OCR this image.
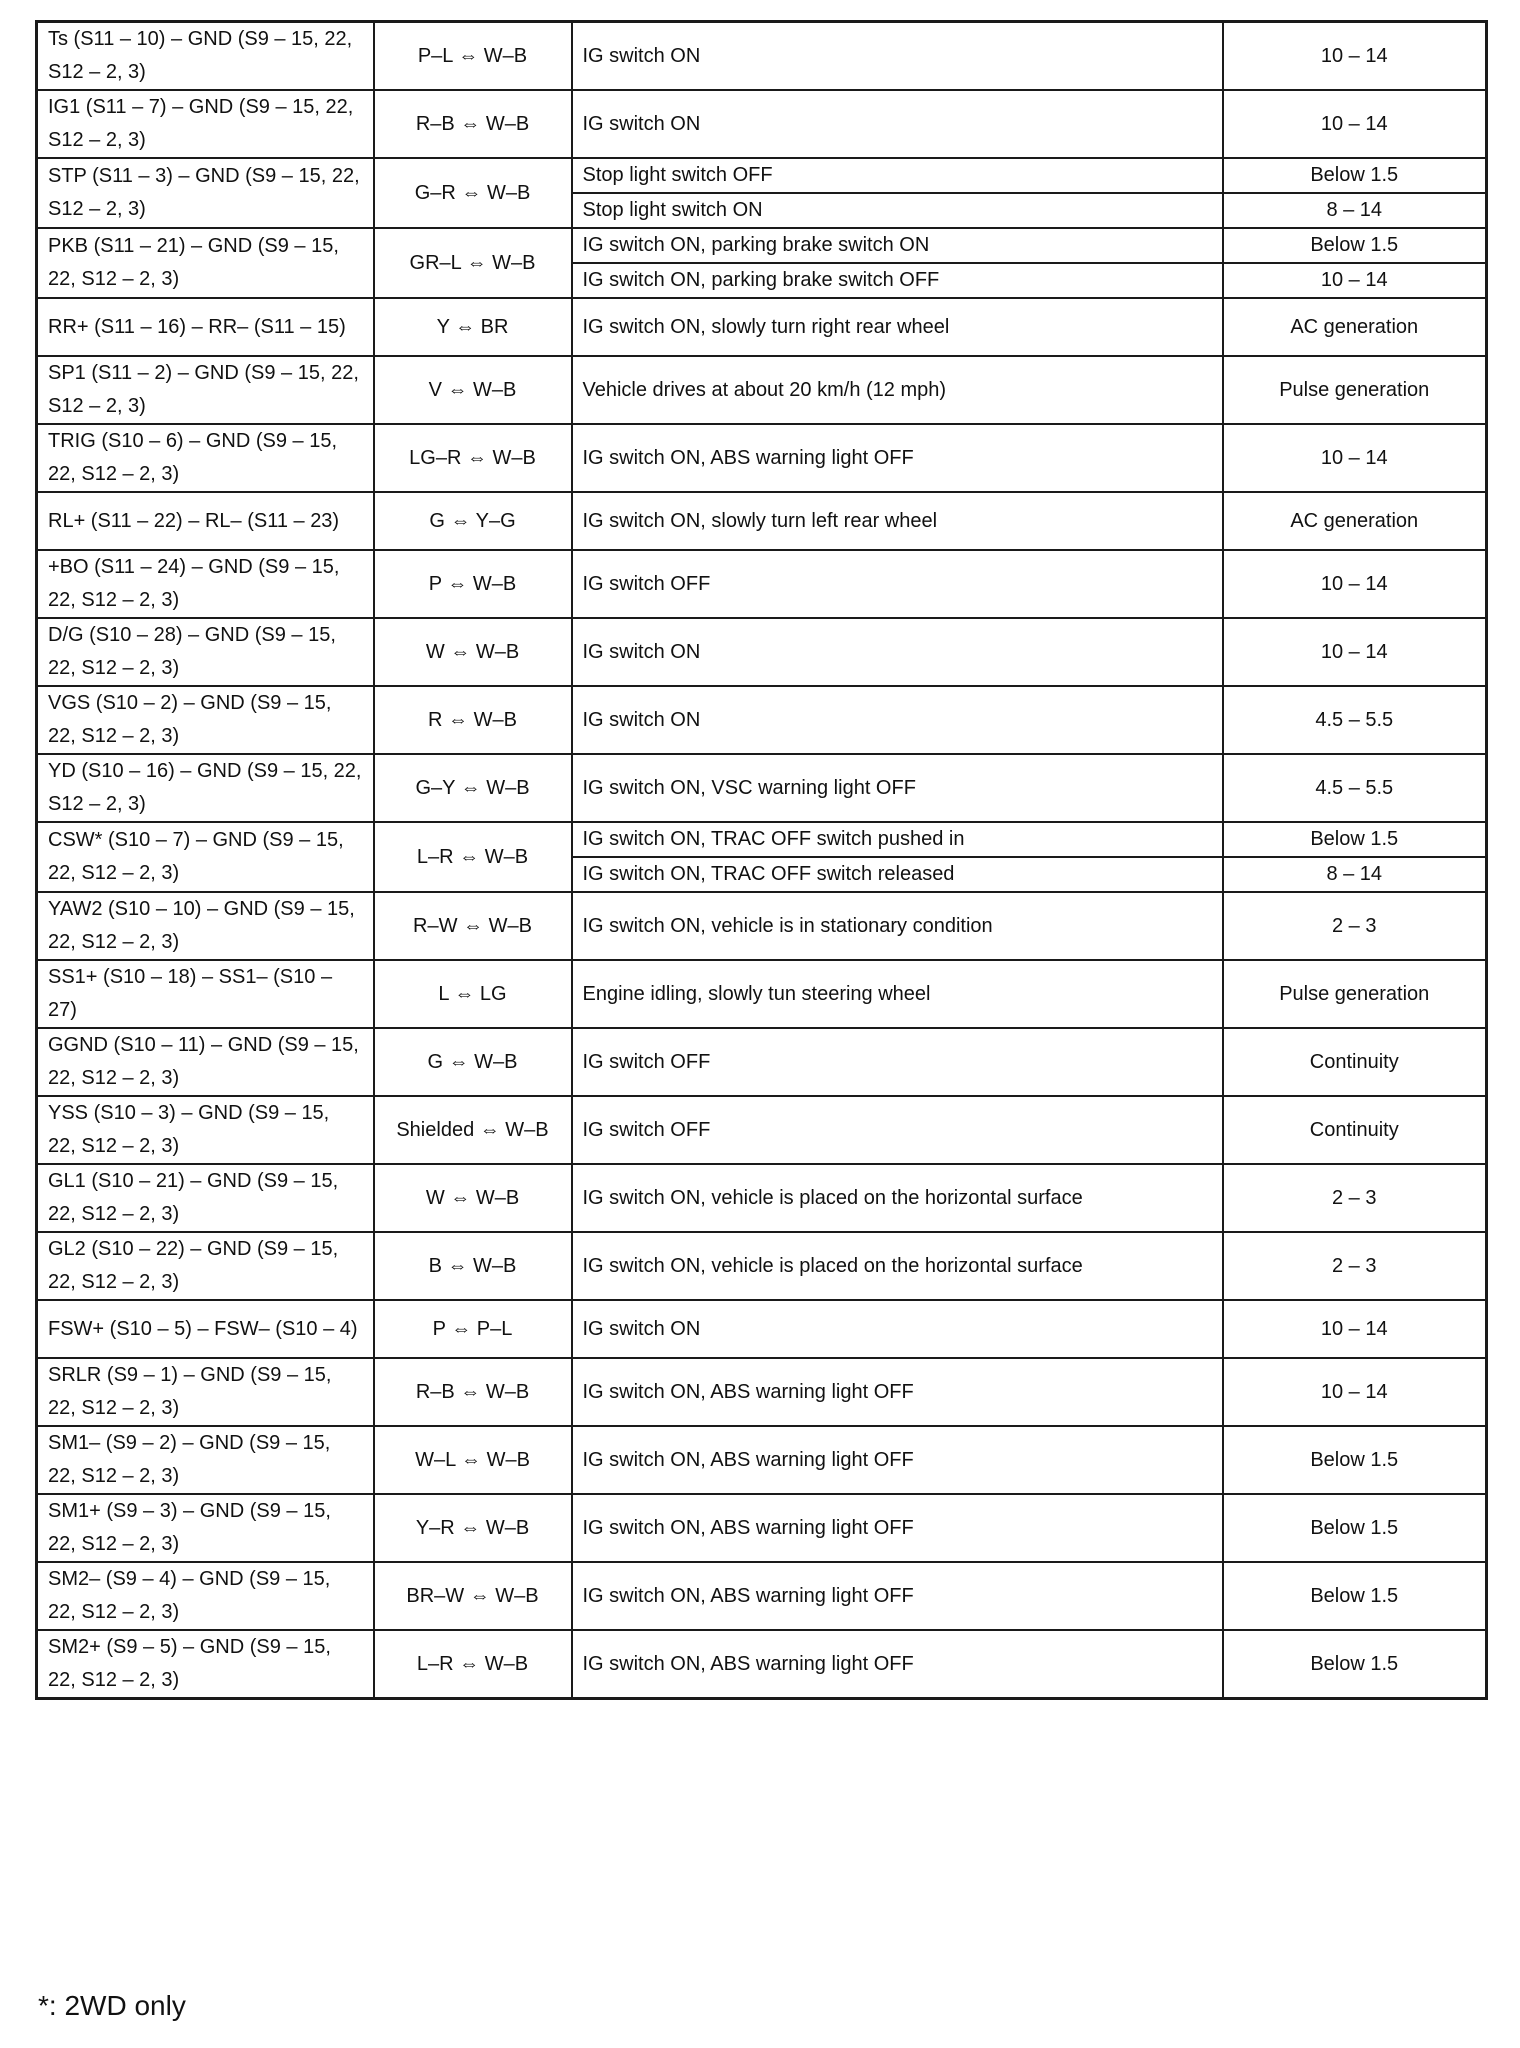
Ts (S11 – 10) – GND (S9 – 15, 22, S12 – 2, 3)	P–L ⇔ W–B	IG switch ON	10 – 14
IG1 (S11 – 7) – GND (S9 – 15, 22, S12 – 2, 3)	R–B ⇔ W–B	IG switch ON	10 – 14
STP (S11 – 3) – GND (S9 – 15, 22, S12 – 2, 3)	G–R ⇔ W–B	Stop light switch OFF	Below 1.5
		Stop light switch ON	8 – 14
PKB (S11 – 21) – GND (S9 – 15, 22, S12 – 2, 3)	GR–L ⇔ W–B	IG switch ON, parking brake switch ON	Below 1.5
		IG switch ON, parking brake switch OFF	10 – 14
RR+ (S11 – 16) – RR– (S11 – 15)	Y ⇔ BR	IG switch ON, slowly turn right rear wheel	AC generation
SP1 (S11 – 2) – GND (S9 – 15, 22, S12 – 2, 3)	V ⇔ W–B	Vehicle drives at about 20 km/h (12 mph)	Pulse generation
TRIG (S10 – 6) – GND (S9 – 15, 22, S12 – 2, 3)	LG–R ⇔ W–B	IG switch ON, ABS warning light OFF	10 – 14
RL+ (S11 – 22) – RL– (S11 – 23)	G ⇔ Y–G	IG switch ON, slowly turn left rear wheel	AC generation
+BO (S11 – 24) – GND (S9 – 15, 22, S12 – 2, 3)	P ⇔ W–B	IG switch OFF	10 – 14
D/G (S10 – 28) – GND (S9 – 15, 22, S12 – 2, 3)	W ⇔ W–B	IG switch ON	10 – 14
VGS (S10 – 2) – GND (S9 – 15, 22, S12 – 2, 3)	R ⇔ W–B	IG switch ON	4.5 – 5.5
YD (S10 – 16) – GND (S9 – 15, 22, S12 – 2, 3)	G–Y ⇔ W–B	IG switch ON, VSC warning light OFF	4.5 – 5.5
CSW* (S10 – 7) – GND (S9 – 15, 22, S12 – 2, 3)	L–R ⇔ W–B	IG switch ON, TRAC OFF switch pushed in	Below 1.5
		IG switch ON, TRAC OFF switch released	8 – 14
YAW2 (S10 – 10) – GND (S9 – 15, 22, S12 – 2, 3)	R–W ⇔ W–B	IG switch ON, vehicle is in stationary condition	2 – 3
SS1+ (S10 – 18) – SS1– (S10 – 27)	L ⇔ LG	Engine idling, slowly tun steering wheel	Pulse generation
GGND (S10 – 11) – GND (S9 – 15, 22, S12 – 2, 3)	G ⇔ W–B	IG switch OFF	Continuity
YSS (S10 – 3) – GND (S9 – 15, 22, S12 – 2, 3)	Shielded ⇔ W–B	IG switch OFF	Continuity
GL1 (S10 – 21) – GND (S9 – 15, 22, S12 – 2, 3)	W ⇔ W–B	IG switch ON, vehicle is placed on the horizontal surface	2 – 3
GL2 (S10 – 22) – GND (S9 – 15, 22, S12 – 2, 3)	B ⇔ W–B	IG switch ON, vehicle is placed on the horizontal surface	2 – 3
FSW+ (S10 – 5) – FSW– (S10 – 4)	P ⇔ P–L	IG switch ON	10 – 14
SRLR (S9 – 1) – GND (S9 – 15, 22, S12 – 2, 3)	R–B ⇔ W–B	IG switch ON, ABS warning light OFF	10 – 14
SM1– (S9 – 2) – GND (S9 – 15, 22, S12 – 2, 3)	W–L ⇔ W–B	IG switch ON, ABS warning light OFF	Below 1.5
SM1+ (S9 – 3) – GND (S9 – 15, 22, S12 – 2, 3)	Y–R ⇔ W–B	IG switch ON, ABS warning light OFF	Below 1.5
SM2– (S9 – 4) – GND (S9 – 15, 22, S12 – 2, 3)	BR–W ⇔ W–B	IG switch ON, ABS warning light OFF	Below 1.5
SM2+ (S9 – 5) – GND (S9 – 15, 22, S12 – 2, 3)	L–R ⇔ W–B	IG switch ON, ABS warning light OFF	Below 1.5
*: 2WD only
